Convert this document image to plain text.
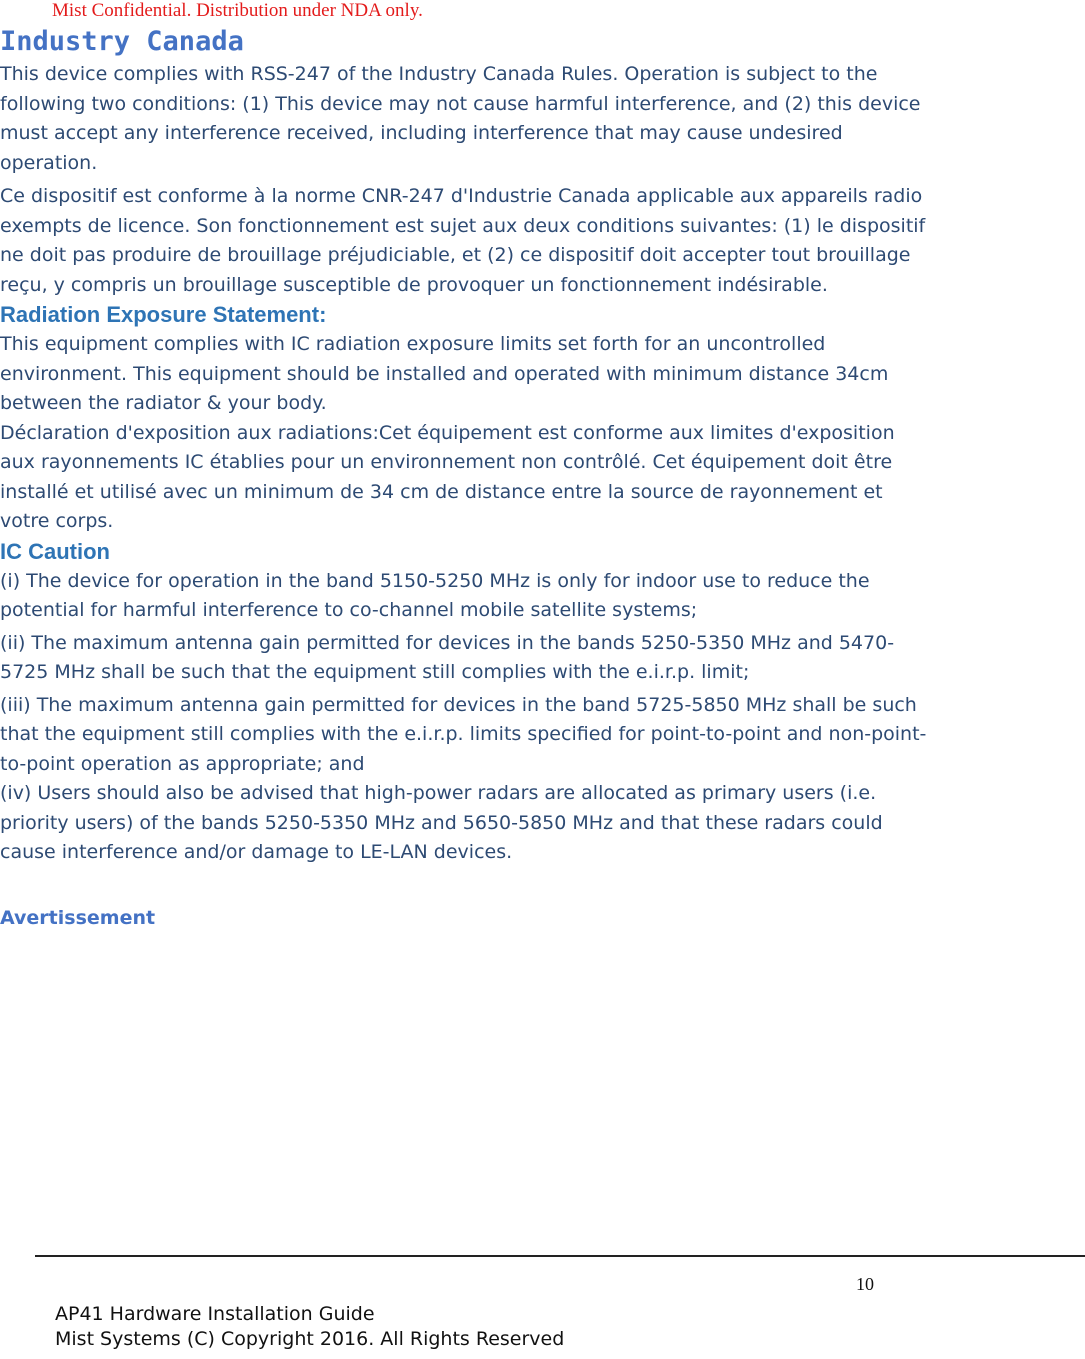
Mist Confidential. Distribution under NDA only.
Industry Canada

This device complies with RSS-247 of the Industry Canada Rules. Operation is subject to the following two conditions: (1) This device may not cause harmful interference, and (2) this device must accept any interference received, including interference that may cause undesired operation.

Ce dispositif est conforme à la norme CNR-247 d'Industrie Canada applicable aux appareils radio exempts de licence. Son fonctionnement est sujet aux deux conditions suivantes: (1) le dispositif ne doit pas produire de brouillage préjudiciable, et (2) ce dispositif doit accepter tout brouillage reçu, y compris un brouillage susceptible de provoquer un fonctionnement indésirable.

Radiation Exposure Statement:

This equipment complies with IC radiation exposure limits set forth for an uncontrolled environment. This equipment should be installed and operated with minimum distance 34cm between the radiator & your body.

Déclaration d'exposition aux radiations:Cet équipement est conforme aux limites d'exposition aux rayonnements IC établies pour un environnement non contrôlé. Cet équipement doit être installé et utilisé avec un minimum de 34 cm de distance entre la source de rayonnement et votre corps.

IC Caution

(i) The device for operation in the band 5150-5250 MHz is only for indoor use to reduce the potential for harmful interference to co-channel mobile satellite systems;

(ii) The maximum antenna gain permitted for devices in the bands 5250-5350 MHz and 5470-5725 MHz shall be such that the equipment still complies with the e.i.r.p. limit;

(iii) The maximum antenna gain permitted for devices in the band 5725-5850 MHz shall be such that the equipment still complies with the e.i.r.p. limits specified for point-to-point and non-point-to-point operation as appropriate; and

(iv) Users should also be advised that high-power radars are allocated as primary users (i.e. priority users) of the bands 5250-5350 MHz and 5650-5850 MHz and that these radars could cause interference and/or damage to LE-LAN devices.

Avertissement
10
AP41 Hardware Installation Guide
Mist Systems (C) Copyright 2016. All Rights Reserved
